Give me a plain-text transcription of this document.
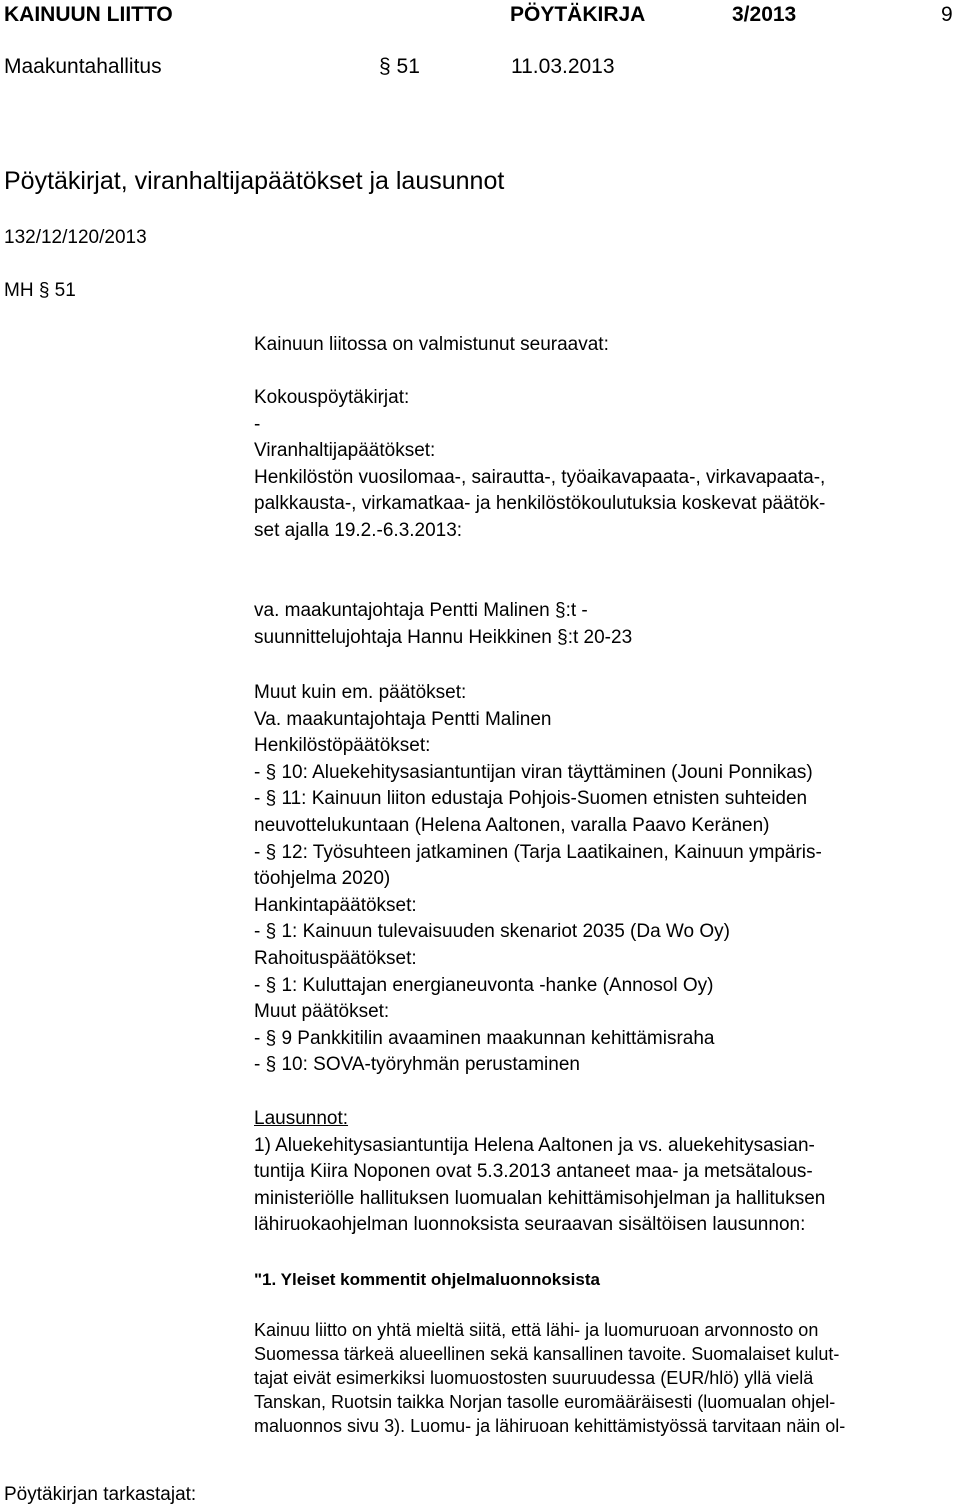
KAINUUN LIITTO	PÖYTÄKIRJA	3/2013	9
Maakuntahallitus	§ 51	11.03.2013
Pöytäkirjat, viranhaltijapäätökset ja lausunnot
132/12/120/2013
MH § 51
Kainuun liitossa on valmistunut seuraavat:
Kokouspöytäkirjat:
-
Viranhaltijapäätökset:
Henkilöstön vuosilomaa-, sairautta-, työaikavapaata-, virkavapaata-,
palkkausta-, virkamatkaa- ja henkilöstökoulutuksia koskevat päätök-
set ajalla 19.2.-6.3.2013:
va. maakuntajohtaja Pentti Malinen §:t -
suunnittelujohtaja Hannu Heikkinen §:t 20-23
Muut kuin em. päätökset:
Va. maakuntajohtaja Pentti Malinen
Henkilöstöpäätökset:
- § 10: Aluekehitysasiantuntijan viran täyttäminen (Jouni Ponnikas)
- § 11: Kainuun liiton edustaja Pohjois-Suomen etnisten suhteiden
neuvottelukuntaan (Helena Aaltonen, varalla Paavo Keränen)
- § 12: Työsuhteen jatkaminen (Tarja Laatikainen, Kainuun ympäris-
töohjelma 2020)
Hankintapäätökset:
- § 1: Kainuun tulevaisuuden skenariot 2035 (Da Wo Oy)
Rahoituspäätökset:
- § 1: Kuluttajan energianeuvonta -hanke (Annosol Oy)
Muut päätökset:
- § 9 Pankkitilin avaaminen maakunnan kehittämisraha
- § 10: SOVA-työryhmän perustaminen
Lausunnot:
1) Aluekehitysasiantuntija Helena Aaltonen ja vs. aluekehitysasian-
tuntija Kiira Noponen ovat 5.3.2013 antaneet maa- ja metsätalous-
ministeriölle hallituksen luomualan kehittämisohjelman ja hallituksen
lähiruokaohjelman luonnoksista seuraavan sisältöisen lausunnon:
"1. Yleiset kommentit ohjelmaluonnoksista
Kainuu liitto on yhtä mieltä siitä, että lähi- ja luomuruoan arvonnosto on
Suomessa tärkeä alueellinen sekä kansallinen tavoite. Suomalaiset kulut-
tajat eivät esimerkiksi luomuostosten suuruudessa (EUR/hlö) yllä vielä
Tanskan, Ruotsin taikka Norjan tasolle euromääräisesti (luomualan ohjel-
maluonnos sivu 3). Luomu- ja lähiruoan kehittämistyössä tarvitaan näin ol-
Pöytäkirjan tarkastajat:
